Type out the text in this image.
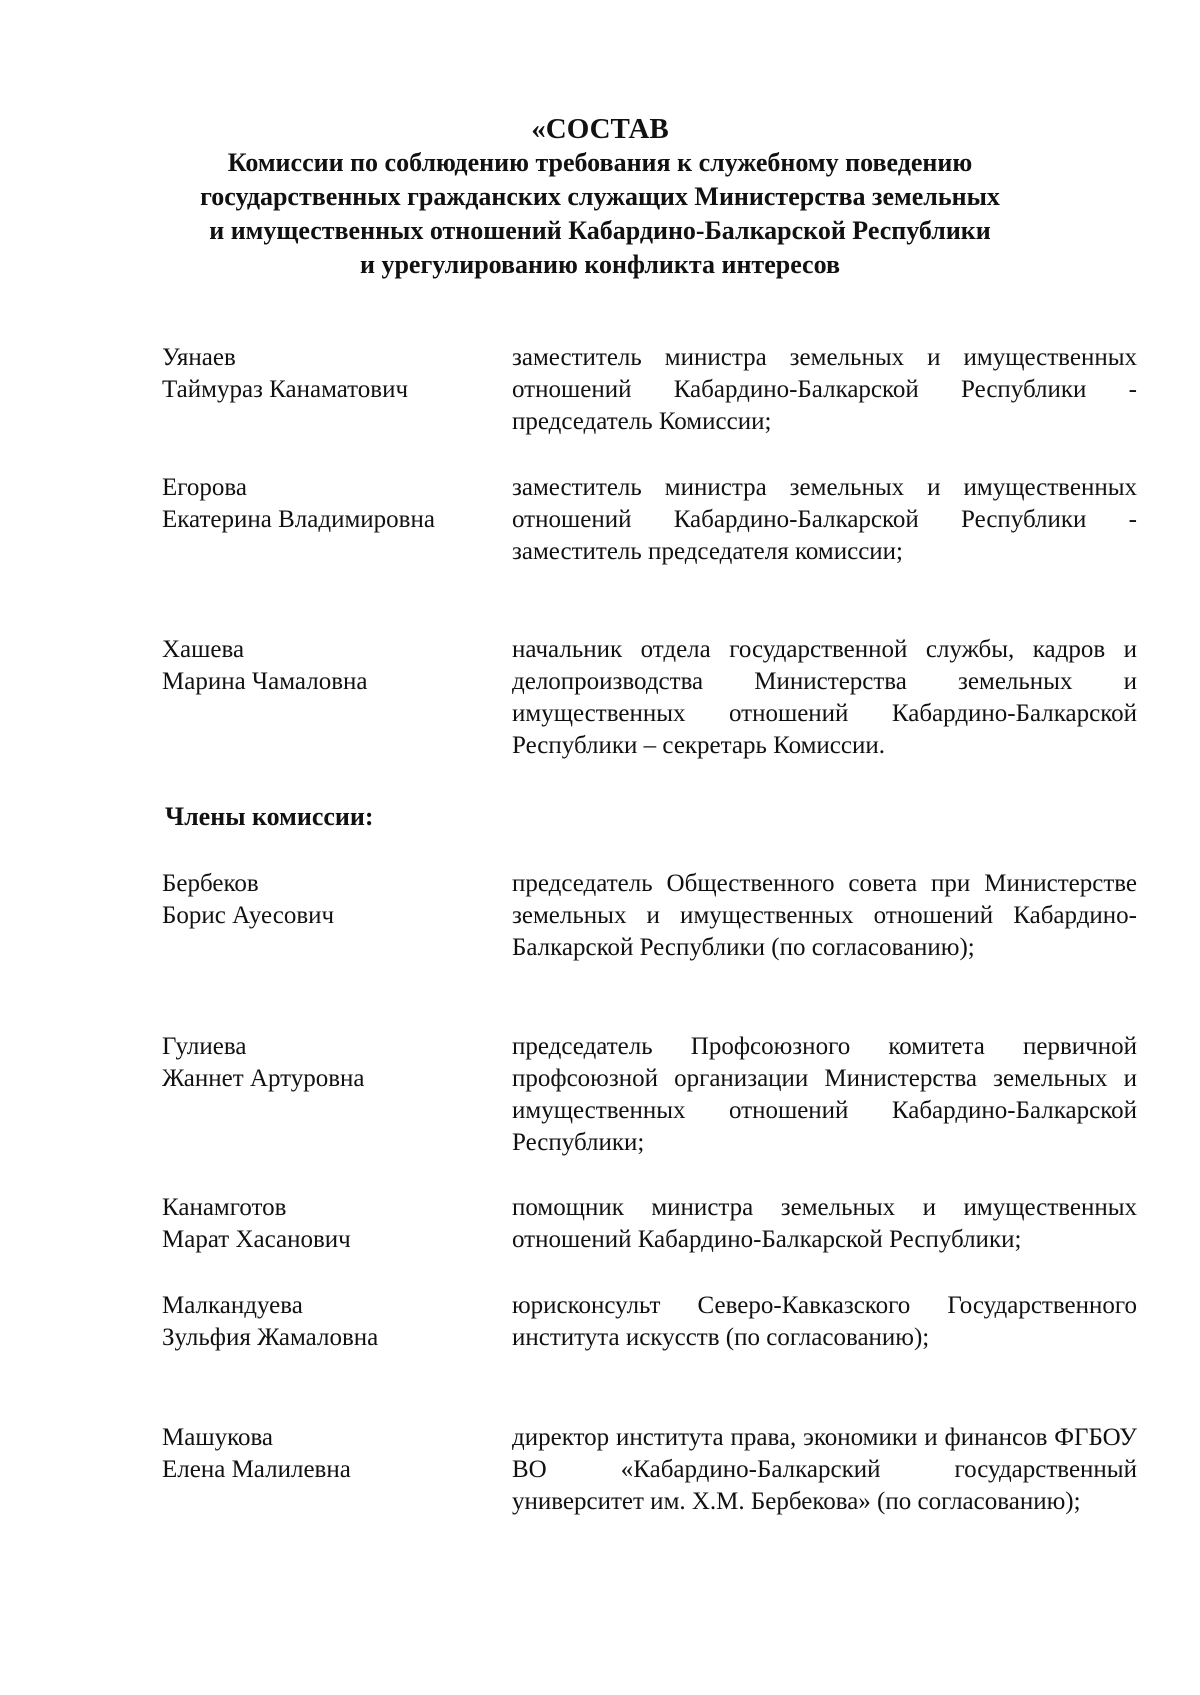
«СОСТАВ
Комиссии по соблюдению требования к служебному поведению
государственных гражданских служащих Министерства земельных
и имущественных отношений Кабардино-Балкарской Республики
и урегулированию конфликта интересов
Уянаев
Таймураз Канаматович
заместитель министра земельных и имущественных отношений Кабардино-Балкарской Республики - председатель Комиссии;
Егорова
Екатерина Владимировна
заместитель министра земельных и имущественных отношений Кабардино-Балкарской Республики - заместитель председателя комиссии;
Хашева
Марина Чамаловна
начальник отдела государственной службы, кадров и делопроизводства Министерства земельных и имущественных отношений Кабардино-Балкарской Республики – секретарь Комиссии.
Члены комиссии:
Бербеков
Борис Ауесович
председатель Общественного совета при Министерстве земельных и имущественных отношений Кабардино-Балкарской Республики (по согласованию);
Гулиева
Жаннет Артуровна
председатель Профсоюзного комитета первичной профсоюзной организации Министерства земельных и имущественных отношений Кабардино-Балкарской Республики;
Канамготов
Марат Хасанович
помощник министра земельных и имущественных отношений Кабардино-Балкарской Республики;
Малкандуева
Зульфия Жамаловна
юрисконсульт Северо-Кавказского Государственного института искусств (по согласованию);
Машукова
Елена Малилевна
директор института права, экономики и финансов ФГБОУ ВО «Кабардино-Балкарский государственный университет им. Х.М. Бербекова» (по согласованию);
